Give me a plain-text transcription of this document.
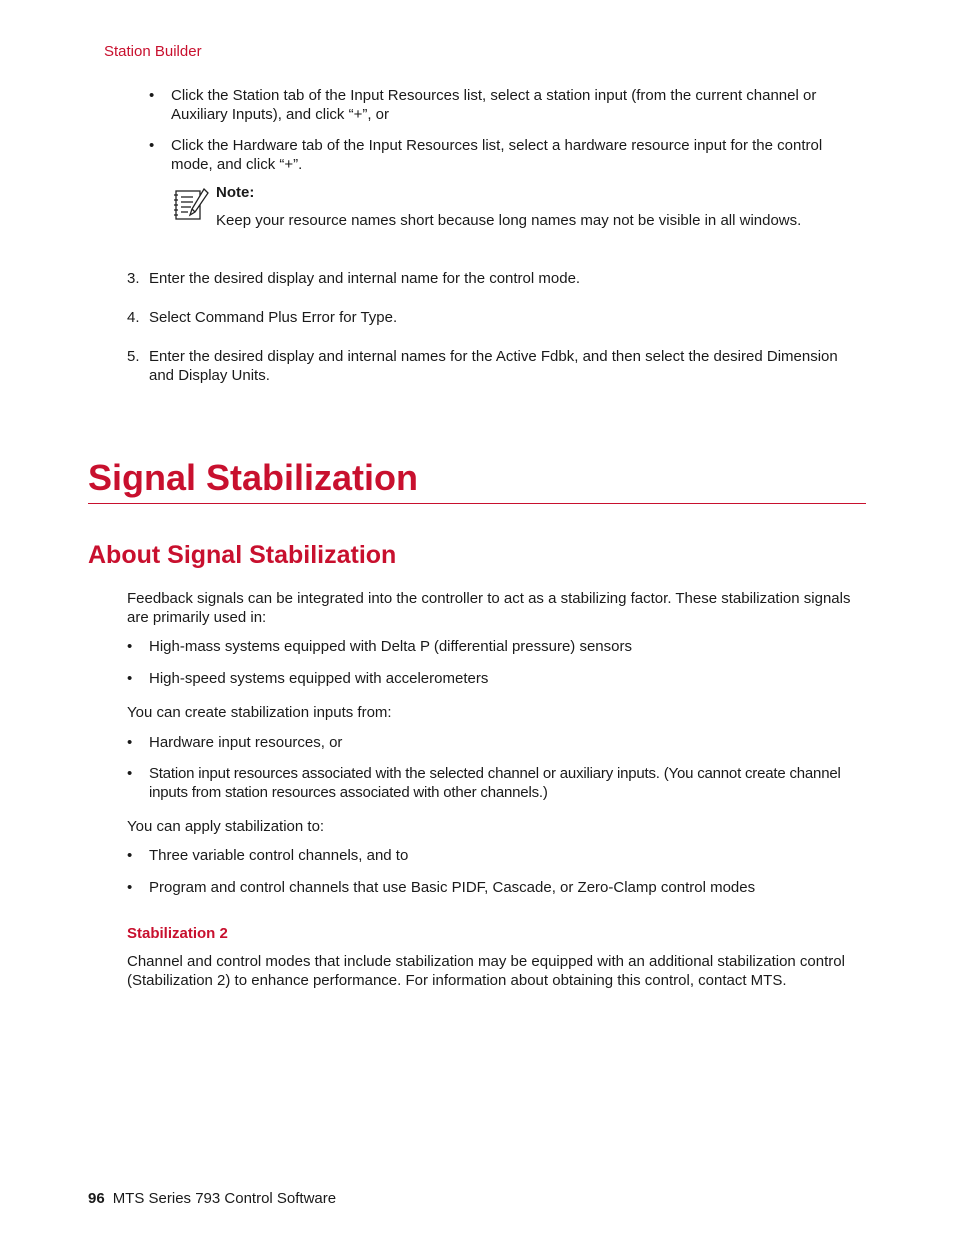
Station Builder
•	Click the Station tab of the Input Resources list, select a station input (from the current channel or Auxiliary Inputs), and click “+”, or
•	Click the Hardware tab of the Input Resources list, select a hardware resource input for the control mode, and click “+”.
Note:
Keep your resource names short because long names may not be visible in all windows.
3. Enter the desired display and internal name for the control mode.
4. Select Command Plus Error for Type.
5. Enter the desired display and internal names for the Active Fdbk, and then select the desired Dimension and Display Units.
Signal Stabilization
About Signal Stabilization

Feedback signals can be integrated into the controller to act as a stabilizing factor. These stabilization signals are primarily used in:

•	High-mass systems equipped with Delta P (differential pressure) sensors
•	High-speed systems equipped with accelerometers

You can create stabilization inputs from:

•	Hardware input resources, or
•	Station input resources associated with the selected channel or auxiliary inputs. (You cannot create channel inputs from station resources associated with other channels.)

You can apply stabilization to:

•	Three variable control channels, and to
•	Program and control channels that use Basic PIDF, Cascade, or Zero-Clamp control modes
Stabilization 2

Channel and control modes that include stabilization may be equipped with an additional stabilization control (Stabilization 2) to enhance performance. For information about obtaining this control, contact MTS.

96 MTS Series 793 Control Software
